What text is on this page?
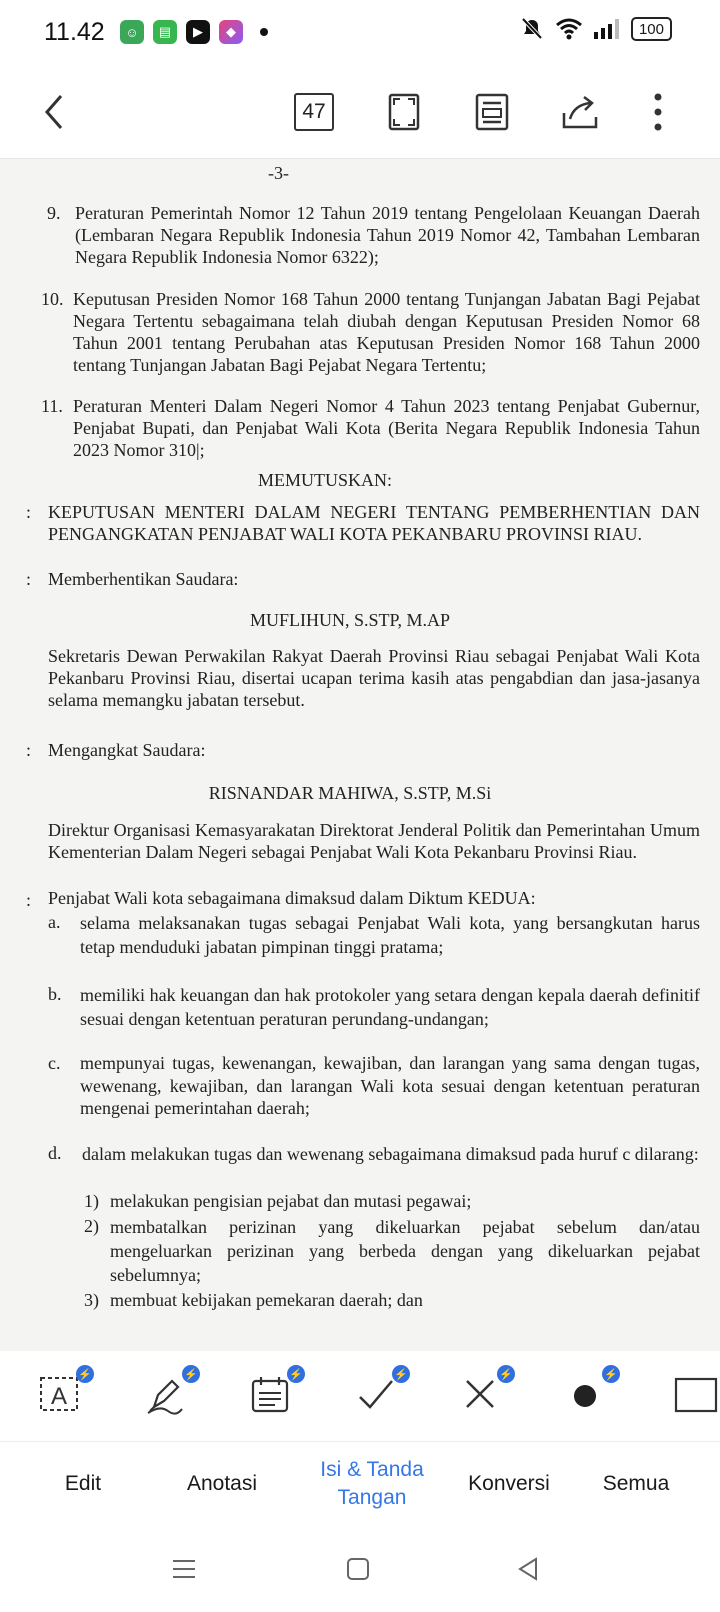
11.42	☺	▤	▶	◆	100
47
-3-
9. Peraturan Pemerintah Nomor 12 Tahun 2019 tentang Pengelolaan Keuangan Daerah (Lembaran Negara Republik Indonesia Tahun 2019 Nomor 42, Tambahan Lembaran Negara Republik Indonesia Nomor 6322);
10. Keputusan Presiden Nomor 168 Tahun 2000 tentang Tunjangan Jabatan Bagi Pejabat Negara Tertentu sebagaimana telah diubah dengan Keputusan Presiden Nomor 68 Tahun 2001 tentang Perubahan atas Keputusan Presiden Nomor 168 Tahun 2000 tentang Tunjangan Jabatan Bagi Pejabat Negara Tertentu;
11. Peraturan Menteri Dalam Negeri Nomor 4 Tahun 2023 tentang Penjabat Gubernur, Penjabat Bupati, dan Penjabat Wali Kota (Berita Negara Republik Indonesia Tahun 2023 Nomor 310|;
MEMUTUSKAN:
: KEPUTUSAN MENTERI DALAM NEGERI TENTANG PEMBERHENTIAN DAN PENGANGKATAN PENJABAT WALI KOTA PEKANBARU PROVINSI RIAU.
: Memberhentikan Saudara:
MUFLIHUN, S.STP, M.AP
Sekretaris Dewan Perwakilan Rakyat Daerah Provinsi Riau sebagai Penjabat Wali Kota Pekanbaru Provinsi Riau, disertai ucapan terima kasih atas pengabdian dan jasa-jasanya selama memangku jabatan tersebut.
: Mengangkat Saudara:
RISNANDAR MAHIWA, S.STP, M.Si
Direktur Organisasi Kemasyarakatan Direktorat Jenderal Politik dan Pemerintahan Umum Kementerian Dalam Negeri sebagai Penjabat Wali Kota Pekanbaru Provinsi Riau.
: Penjabat Wali kota sebagaimana dimaksud dalam Diktum KEDUA:
a. selama melaksanakan tugas sebagai Penjabat Wali kota, yang bersangkutan harus tetap menduduki jabatan pimpinan tinggi pratama;
b. memiliki hak keuangan dan hak protokoler yang setara dengan kepala daerah definitif sesuai dengan ketentuan peraturan perundang-undangan;
c. mempunyai tugas, kewenangan, kewajiban, dan larangan yang sama dengan tugas, wewenang, kewajiban, dan larangan Wali kota sesuai dengan ketentuan peraturan mengenai pemerintahan daerah;
d. dalam melakukan tugas dan wewenang sebagaimana dimaksud pada huruf c dilarang:
1) melakukan pengisian pejabat dan mutasi pegawai;
2) membatalkan perizinan yang dikeluarkan pejabat sebelum dan/atau mengeluarkan perizinan yang berbeda dengan yang dikeluarkan pejabat sebelumnya;
3) membuat kebijakan pemekaran daerah; dan
A
⚡	⚡	⚡	⚡	⚡	⚡
Edit	Anotasi
Isi & Tanda Tangan
Konversi	Semua
